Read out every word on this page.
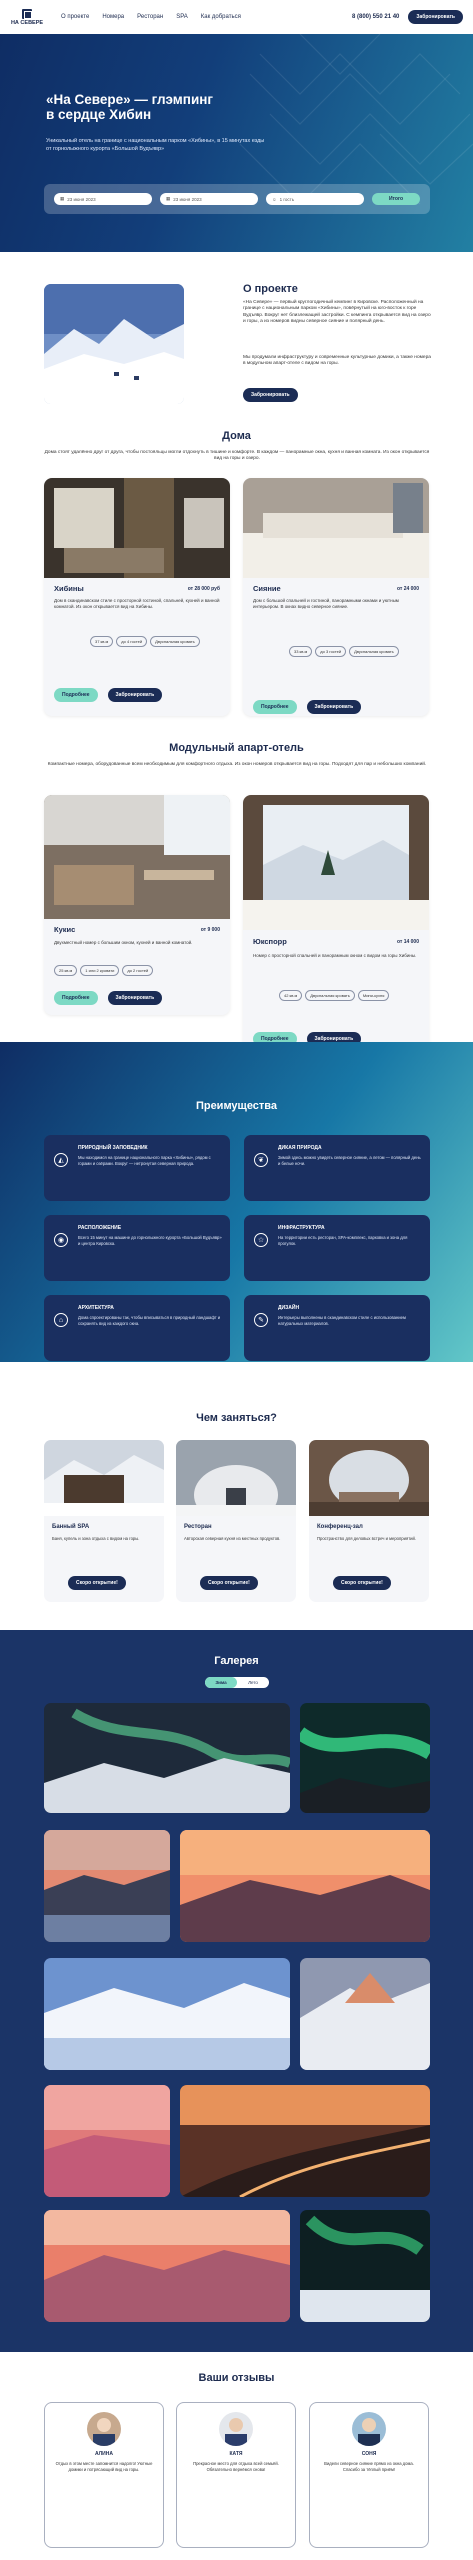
НА СЕВЕРЕ
О проекте Номера Ресторан SPA Как добраться	8 (800) 550 21 40	Забронировать
«На Севере» — глэмпинг
в сердце Хибин
Уникальный отель на границе с национальным парком «Хибины», в 15 минутах езды от горнолыжного курорта «Большой Вудъявр»
▦ 23 июня 2023	▦ 23 июня 2023	☺ 1 гость	Итого
О проекте
«На Севере» — первый круглогодичный кемпинг в Кировске. Расположенный на границе с национальным парком «Хибины», повёрнутый на юго-восток к горе Вудъявр. Вокруг нет близлежащей застройки. С кемпинга открывается вид на озеро и горы, а из номеров видны северное сияние и полярный день.
Мы продумали инфраструктуру и современные культурные домики, а также номера в модульном апарт-отеле с видом на горы.
Забронировать
Дома
Дома стоят удалённо друг от друга, чтобы постояльцы могли отдохнуть в тишине и комфорте. В каждом — панорамные окна, кухня и ванная комната. Из окон открывается вид на горы и озеро.
Хибины	от 28 000 руб
Дом в скандинавском стиле с просторной гостиной, спальней, кухней и ванной комнатой. Из окон открывается вид на Хибины.
37 кв.м	до 4 гостей	Двуспальная кровать
Подробнее	Забронировать
Сияние	от 24 000
Дом с большой спальней и гостиной, панорамными окнами и уютным интерьером. В окнах видно северное сияние.
33 кв.м	до 3 гостей	Двуспальная кровать
Подробнее	Забронировать
Модульный апарт-отель
Компактные номера, оборудованные всем необходимым для комфортного отдыха. Из окон номеров открывается вид на горы. Подходят для пар и небольших компаний.
Кукис	от 9 000
Двухместный номер с большим окном, кухней и ванной комнатой.
25 кв.м	1 или 2 кровати	до 2 гостей
Подробнее	Забронировать
Юкспорр	от 14 000
Номер с просторной спальней и панорамным окном с видом на горы Хибины.
42 кв.м	Двуспальная кровать	Мини-кухня
Подробнее	Забронировать
Преимущества
◭
ПРИРОДНЫЙ ЗАПОВЕДНИК
Мы находимся на границе национального парка «Хибины», рядом с горами и озёрами. Вокруг — нетронутая северная природа.	❦
ДИКАЯ ПРИРОДА
Зимой здесь можно увидеть северное сияние, а летом — полярный день и белые ночи.
◉
РАСПОЛОЖЕНИЕ
Всего 15 минут на машине до горнолыжного курорта «Большой Вудъявр» и центра Кировска.	☆
ИНФРАСТРУКТУРА
На территории есть ресторан, SPA-комплекс, парковка и зона для прогулок.
⌂
АРХИТЕКТУРА
Дома спроектированы так, чтобы вписываться в природный ландшафт и сохранять вид из каждого окна.	✎
ДИЗАЙН
Интерьеры выполнены в скандинавском стиле с использованием натуральных материалов.
Чем заняться?
Банный SPA
Баня, купель и зона отдыха с видом на горы.
Скоро открытие!
Ресторан
Авторская северная кухня из местных продуктов.
Скоро открытие!
Конференц-зал
Пространство для деловых встреч и мероприятий.
Скоро открытие!
Галерея
Зима	Лето
Ваши отзывы
АЛИНА
Отдых в этом месте запомнится надолго! Уютные домики и потрясающий вид на горы.
КАТЯ
Прекрасное место для отдыха всей семьёй. Обязательно вернёмся снова!
СОНЯ
Видели северное сияние прямо из окна дома. Спасибо за тёплый приём!
